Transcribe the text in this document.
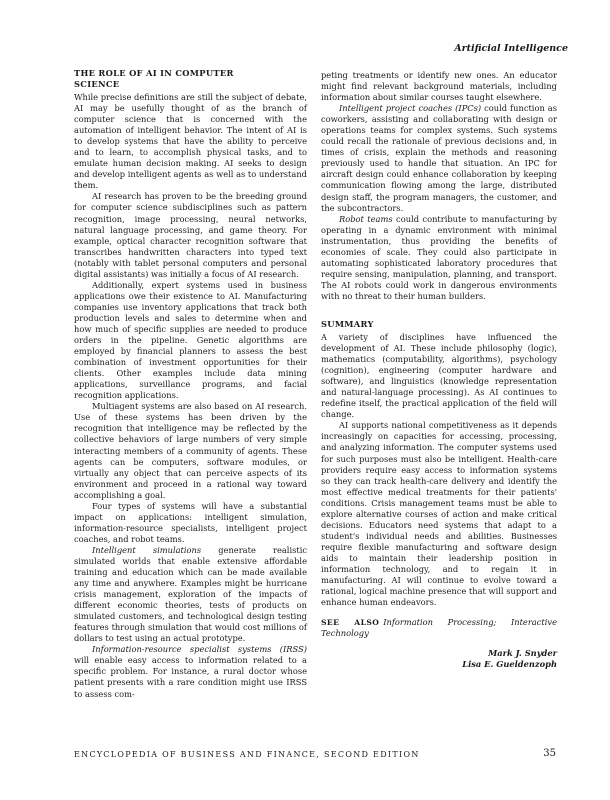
Artificial Intelligence
THE ROLE OF AI IN COMPUTER
SCIENCE

While precise definitions are still the subject of debate, AI may be usefully thought of as the branch of computer science that is concerned with the automation of intelligent behavior. The intent of AI is to develop systems that have the ability to perceive and to learn, to accomplish physical tasks, and to emulate human decision making. AI seeks to design and develop intelligent agents as well as to understand them.

AI research has proven to be the breeding ground for computer science subdisciplines such as pattern recognition, image processing, neural networks, natural language processing, and game theory. For example, optical character recognition software that transcribes handwritten characters into typed text (notably with tablet personal computers and personal digital assistants) was initially a focus of AI research.

Additionally, expert systems used in business applications owe their existence to AI. Manufacturing companies use inventory applications that track both production levels and sales to determine when and how much of specific supplies are needed to produce orders in the pipeline. Genetic algorithms are employed by financial planners to assess the best combination of investment opportunities for their clients. Other examples include data mining applications, surveillance programs, and facial recognition applications.

Multiagent systems are also based on AI research. Use of these systems has been driven by the recognition that intelligence may be reflected by the collective behaviors of large numbers of very simple interacting members of a community of agents. These agents can be computers, software modules, or virtually any object that can perceive aspects of its environment and proceed in a rational way toward accomplishing a goal.

Four types of systems will have a substantial impact on applications: intelligent simulation, information-resource specialists, intelligent project coaches, and robot teams.

Intelligent simulations generate realistic simulated worlds that enable extensive affordable training and education which can be made available any time and anywhere. Examples might be hurricane crisis management, exploration of the impacts of different economic theories, tests of products on simulated customers, and technological design testing features through simulation that would cost millions of dollars to test using an actual prototype.

Information-resource specialist systems (IRSS) will enable easy access to information related to a specific problem. For instance, a rural doctor whose patient presents with a rare condition might use IRSS to assess com-

peting treatments or identify new ones. An educator might find relevant background materials, including information about similar courses taught elsewhere.

Intelligent project coaches (IPCs) could function as coworkers, assisting and collaborating with design or operations teams for complex systems. Such systems could recall the rationale of previous decisions and, in times of crisis, explain the methods and reasoning previously used to handle that situation. An IPC for aircraft design could enhance collaboration by keeping communication flowing among the large, distributed design staff, the program managers, the customer, and the subcontractors.

Robot teams could contribute to manufacturing by operating in a dynamic environment with minimal instrumentation, thus providing the benefits of economies of scale. They could also participate in automating sophisticated laboratory procedures that require sensing, manipulation, planning, and transport. The AI robots could work in dangerous environments with no threat to their human builders.

SUMMARY

A variety of disciplines have influenced the development of AI. These include philosophy (logic), mathematics (computability, algorithms), psychology (cognition), engineering (computer hardware and software), and linguistics (knowledge representation and natural-language processing). As AI continues to redefine itself, the practical application of the field will change.

AI supports national competitiveness as it depends increasingly on capacities for accessing, processing, and analyzing information. The computer systems used for such purposes must also be intelligent. Health-care providers require easy access to information systems so they can track health-care delivery and identify the most effective medical treatments for their patients' conditions. Crisis management teams must be able to explore alternative courses of action and make critical decisions. Educators need systems that adapt to a student's individual needs and abilities. Businesses require flexible manufacturing and software design aids to maintain their leadership position in information technology, and to regain it in manufacturing. AI will continue to evolve toward a rational, logical machine presence that will support and enhance human endeavors.

SEE ALSO Information Processing; Interactive Technology
Mark J. Snyder
Lisa E. Gueldenzoph
ENCYCLOPEDIA OF BUSINESS AND FINANCE, SECOND EDITION	35
